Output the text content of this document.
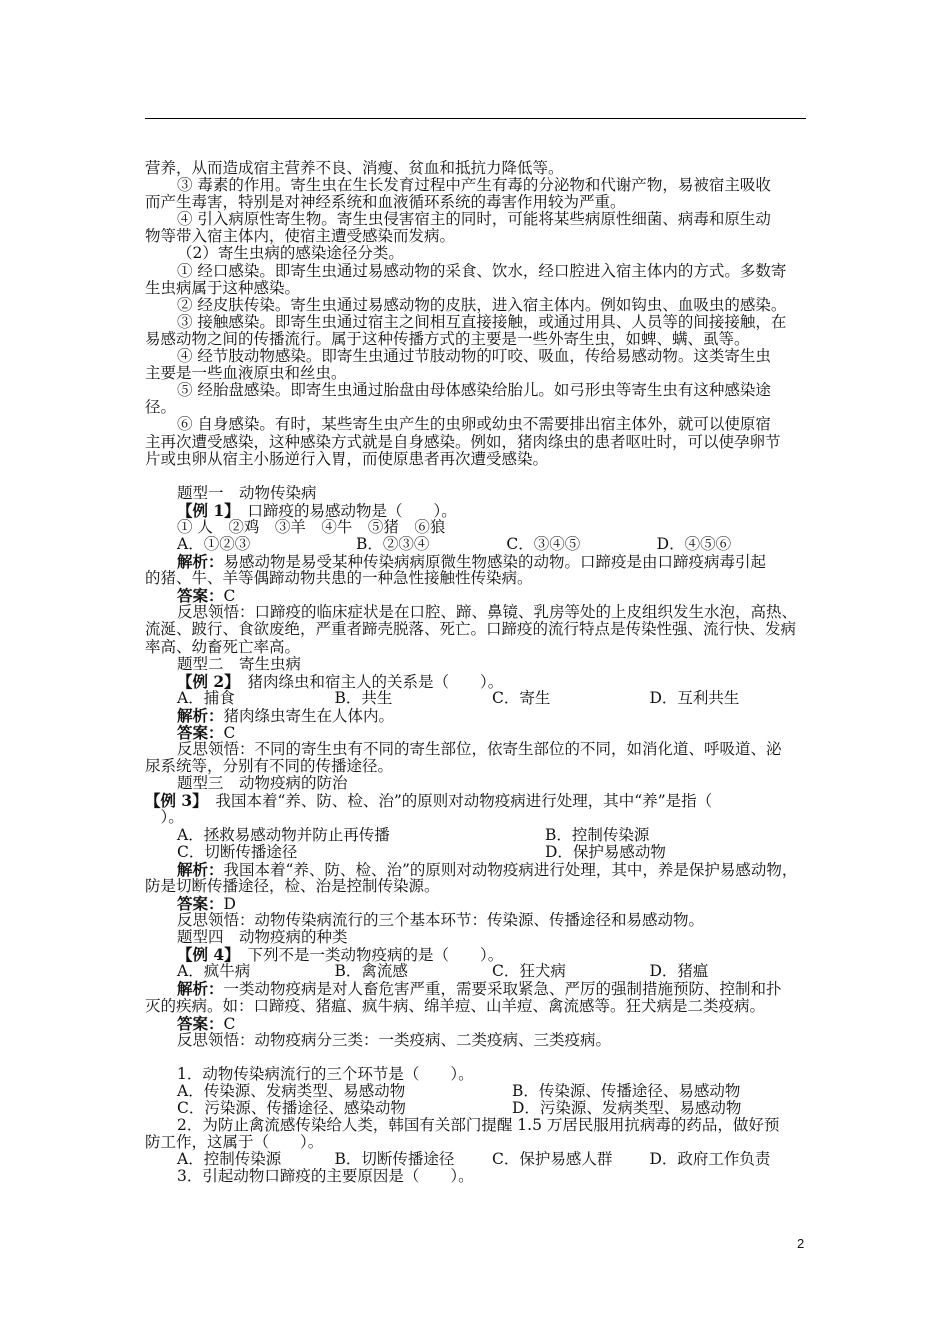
营养，从而造成宿主营养不良、消瘦、贫血和抵抗力降低等。
③ 毒素的作用。寄生虫在生长发育过程中产生有毒的分泌物和代谢产物，易被宿主吸收
而产生毒害，特别是对神经系统和血液循环系统的毒害作用较为严重。
④ 引入病原性寄生物。寄生虫侵害宿主的同时，可能将某些病原性细菌、病毒和原生动
物等带入宿主体内，使宿主遭受感染而发病。
（2）寄生虫病的感染途径分类。
① 经口感染。即寄生虫通过易感动物的采食、饮水，经口腔进入宿主体内的方式。多数寄
生虫病属于这种感染。
② 经皮肤传染。寄生虫通过易感动物的皮肤，进入宿主体内。例如钩虫、血吸虫的感染。
③ 接触感染。即寄生虫通过宿主之间相互直接接触，或通过用具、人员等的间接接触，在
易感动物之间的传播流行。属于这种传播方式的主要是一些外寄生虫，如蜱、螨、虱等。
④ 经节肢动物感染。即寄生虫通过节肢动物的叮咬、吸血，传给易感动物。这类寄生虫
主要是一些血液原虫和丝虫。
⑤ 经胎盘感染。即寄生虫通过胎盘由母体感染给胎儿。如弓形虫等寄生虫有这种感染途
径。
⑥ 自身感染。有时，某些寄生虫产生的虫卵或幼虫不需要排出宿主体外，就可以使原宿
主再次遭受感染，这种感染方式就是自身感染。例如，猪肉绦虫的患者呕吐时，可以使孕卵节
片或虫卵从宿主小肠逆行入胃，而使原患者再次遭受感染。
题型一　动物传染病
【例 1】　口蹄疫的易感动物是（　　）。
① 人　②鸡　③羊　④牛　⑤猪　⑥狼
A．①②③	B．②③④	C．③④⑤	D．④⑤⑥
解析：易感动物是易受某种传染病病原微生物感染的动物。口蹄疫是由口蹄疫病毒引起
的猪、牛、羊等偶蹄动物共患的一种急性接触性传染病。
答案：C
反思领悟：口蹄疫的临床症状是在口腔、蹄、鼻镜、乳房等处的上皮组织发生水泡，高热、
流涎、跛行、食欲废绝，严重者蹄壳脱落、死亡。口蹄疫的流行特点是传染性强、流行快、发病
率高、幼畜死亡率高。
题型二　寄生虫病
【例 2】　猪肉绦虫和宿主人的关系是（　　）。
A．捕食	B．共生	C．寄生	D．互利共生
解析：猪肉绦虫寄生在人体内。
答案：C
反思领悟：不同的寄生虫有不同的寄生部位，依寄生部位的不同，如消化道、呼吸道、泌
尿系统等，分别有不同的传播途径。
题型三　动物疫病的防治
【例 3】　我国本着“养、防、检、治”的原则对动物疫病进行处理，其中“养”是指（
　）。
A．拯救易感动物并防止再传播	B．控制传染源
C．切断传播途径	D．保护易感动物
解析：我国本着“养、防、检、治”的原则对动物疫病进行处理，其中，养是保护易感动物，
防是切断传播途径，检、治是控制传染源。
答案：D
反思领悟：动物传染病流行的三个基本环节：传染源、传播途径和易感动物。
题型四　动物疫病的种类
【例 4】　下列不是一类动物疫病的是（　　）。
A．疯牛病	B．禽流感	C．狂犬病	D．猪瘟
解析：一类动物疫病是对人畜危害严重，需要采取紧急、严厉的强制措施预防、控制和扑
灭的疾病。如：口蹄疫、猪瘟、疯牛病、绵羊痘、山羊痘、禽流感等。狂犬病是二类疫病。
答案：C
反思领悟：动物疫病分三类：一类疫病、二类疫病、三类疫病。
1．动物传染病流行的三个环节是（　　）。
A．传染源、发病类型、易感动物	B．传染源、传播途径、易感动物
C．污染源、传播途径、感染动物	D．污染源、发病类型、易感动物
2．为防止禽流感传染给人类，韩国有关部门提醒 1.5 万居民服用抗病毒的药品，做好预
防工作，这属于（　　）。
A．控制传染源	B．切断传播途径	C．保护易感人群	D．政府工作负责
3．引起动物口蹄疫的主要原因是（　　）。
2
